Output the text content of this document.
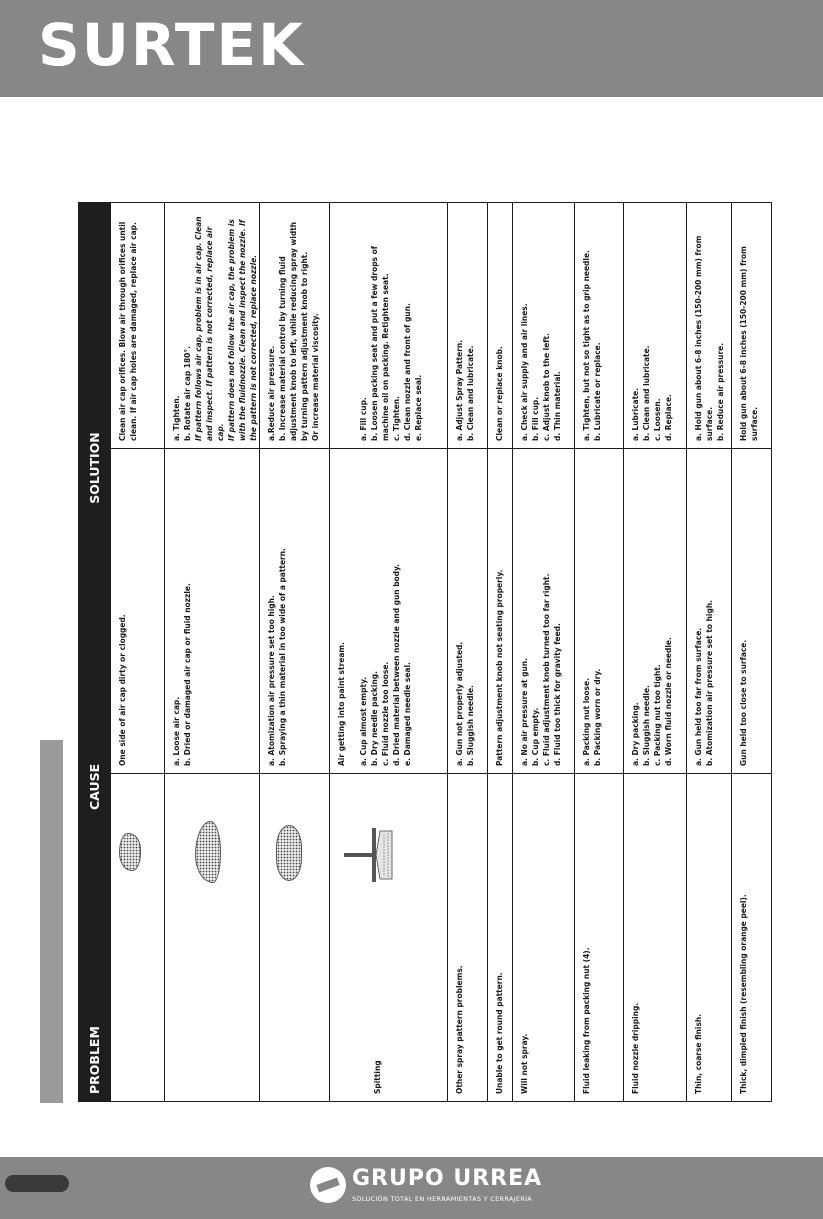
SURTEK
PROBLEM
CAUSE
SOLUTION
One side of air cap dirty or clogged.
Clean air cap orifices. Blow air through orifices until clean. If air cap holes are damaged, replace air cap.
a. Loose air cap. b. Dried or damaged air cap or fluid nozzle.
a. Tighten. b. Rotate air cap 180°. If pattern follows air cap, problem is in air cap. Clean and inspect. If pattern is not corrected, replace air cap. If pattern does not follow the air cap, the problem is with the fluidnozzle. Clean and inspect the nozzle. If the pattern is not corrected, replace nozzle.
a. Atomization air pressure set too high. b. Spraying a thin material in too wide of a pattern.
a.Reduce air pressure. b. Increase material control by turning fluid adjustment knob to left, while reducing spray width by turning pattern adjustment knob to right. Or increase material viscosity.
Spitting
Air getting into paint stream. a. Cup almost empty. b. Dry needle packing. c. Fluid nozzle too loose. d. Dried material between nozzle and gun body. e. Damaged needle seal.
a. Fill cup. b. Loosen packing seat and put a few drops of machine oil on packing. Retighten seat. c. Tighten. d. Clean nozzle and front of gun. e. Replace seal.
Other spray pattern problems.
a. Gun not properly adjusted. b. Sluggish needle.
a. Adjust Spray Pattern. b. Clean and lubricate.
Unable to get round pattern.
Pattern adjustment knob not seating properly.
Clean or replace knob.
Will not spray.
a. No air pressure at gun. b. Cup empty. c. Fluid adjustment knob turned too far right. d. Fluid too thick for gravity feed.
a. Check air supply and air lines. b. Fill cup. c. Adjust knob to the left. d. Thin material.
Fluid leaking from packing nut (4).
a. Packing nut loose. b. Packing worn or dry.
a. Tighten, but not so tight as to grip needle. b. Lubricate or replace.
Fluid nozzle dripping.
a. Dry packing. b. Sluggish needle. c. Packing nut too tight. d. Worn fluid nozzle or needle.
a. Lubricate. b. Clean and lubricate. c. Loosen. d. Replace.
Thin, coarse finish.
a. Gun held too far from surface. b. Atomization air pressure set to high.
a. Hold gun about 6-8 inches (150-200 mm) from surface. b. Reduce air pressure.
Thick, dimpled finish (resembling orange peel).
Gun held too close to surface.
Hold gun about 6-8 inches (150-200 mm) from surface.
GRUPO URREA
SOLUCIÓN TOTAL EN HERRAMIENTAS Y CERRAJERÍA
